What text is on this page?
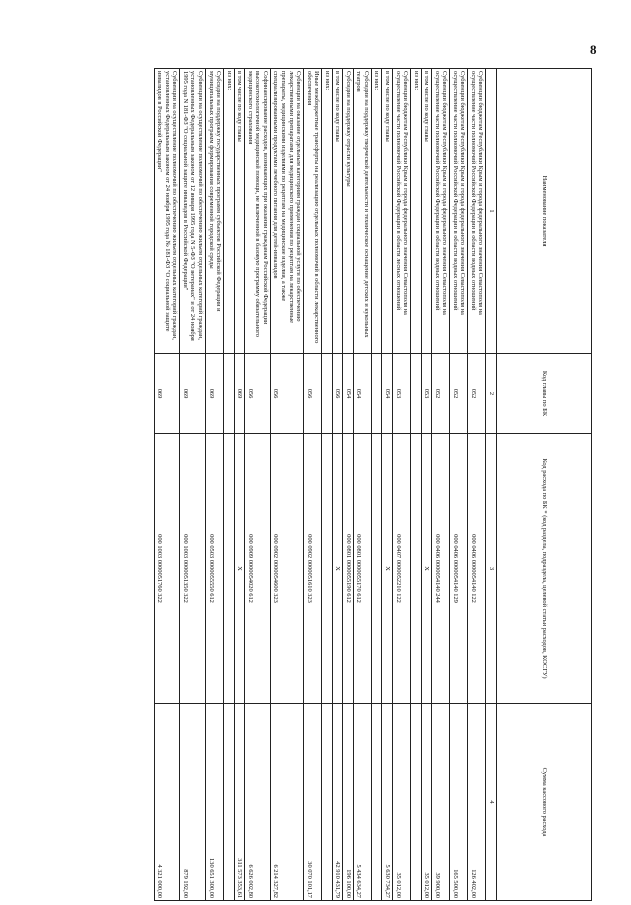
8
Наименование показателя	Код главы по БК	Код расхода по БК * (код раздела, подраздела, целевой статьи расходов, КОСГУ)	Сумма кассового расхода
1	2	3	4
Субвенции бюджетам Республики Крым и города федерального значения Севастополя на осуществление части полномочий Российской Федерации в области водных отношений	052	000 0406 0000054140 122	126 402,00
Субвенции бюджетам Республики Крым и города федерального значения Севастополя на осуществление части полномочий Российской Федерации в области водных отношений	052	000 0406 0000054140 129	165 500,00
Субвенции бюджетам Республики Крым и города федерального значения Севастополя на осуществление части полномочий Российской Федерации в области водных отношений	052	000 0406 0000054140 244	39 900,00
в том числе по коду главы	053	X	35 012,00
из них:			
Субвенции бюджетам Республики Крым и города федерального значения Севастополя на осуществление части полномочий Российской Федерации в области лесных отношений	053	000 0407 0000052210 122	35 012,00
в том числе по коду главы	054	X	5 630 734,27
из них:			
Субсидии на поддержку творческой деятельности и техническое оснащение детских и кукольных театров	054	000 0801 0000055170 612	5 434 634,27
Субсидии на поддержку отрасли культуры	054	000 0801 0000055190 612	196 100,00
в том числе по коду главы	056	X	42 910 431,79
из них:			
Иные межбюджетные трансферты на реализацию отдельных полномочий в области лекарственного обеспечения	056	000 0902 0000051610 323	30 070 101,17
Субвенции на оказание отдельным категориям граждан социальной услуги по обеспечению лекарственными препаратами для медицинского применения по рецептам на лекарственные препараты, медицинскими изделиями по рецептам на медицинские изделия, а также специализированными продуктами лечебного питания для детей-инвалидов	056	000 0902 0000054600 323	6 214 327,82
Софинансирование расходов, возникающих при оказании гражданам Российской Федерации высокотехнологичной медицинской помощи, не включенной в базовую программу обязательного медицинского страхования	056	000 0909 0000054020 612	6 626 002,80
в том числе по коду главы	069	X	311 573 353,61
из них:			
Субсидии на поддержку государственных программ субъектов Российской Федерации и муниципальных программ формирования современной городской среды	069	000 0503 0000055550 612	130 651 300,00
Субвенции на осуществление полномочий по обеспечению жильем отдельных категорий граждан, установленных Федеральным законом от 12 января 1995 года N 5-ФЗ "О ветеранах" и от 24 ноября 1995 года N 181-ФЗ "О социальной защите инвалидов в Российской Федерации"	069	000 1003 0000051350 322	879 192,00
Субвенции на осуществление полномочий по обеспечению жильем отдельных категорий граждан, установленных Федеральным законом от 24 ноября 1995 года № 181-ФЗ "О социальной защите инвалидов в Российской Федерации"	069	000 1003 0000051760 322	4 321 000,00
